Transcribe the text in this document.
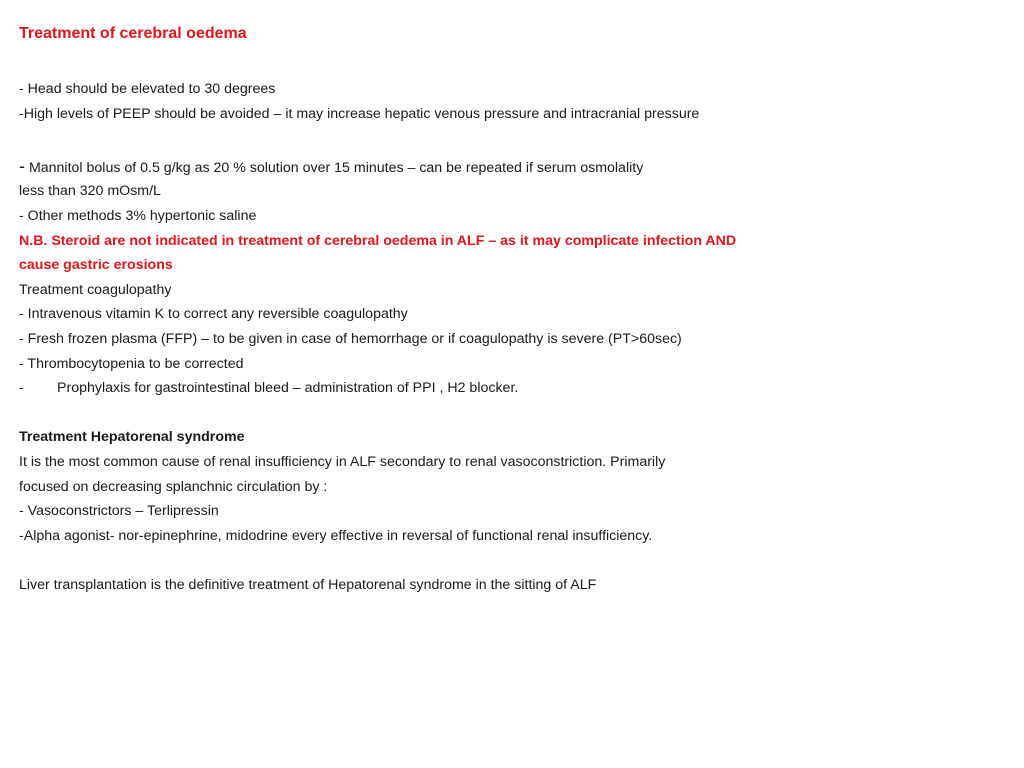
Treatment of cerebral oedema
- Head should be elevated to 30 degrees
-High levels of PEEP should be avoided – it may increase hepatic venous pressure and intracranial pressure
- Mannitol bolus of 0.5 g/kg as 20 % solution over 15 minutes – can be repeated if serum osmolality
less than 320 mOsm/L
- Other methods 3% hypertonic saline
N.B. Steroid are not indicated in treatment of cerebral oedema in ALF – as it may complicate infection AND
cause gastric erosions
Treatment coagulopathy
- Intravenous vitamin K to correct any reversible coagulopathy
- Fresh frozen plasma (FFP) – to be given in case of hemorrhage or if coagulopathy is severe (PT>60sec)
- Thrombocytopenia to be corrected
- Prophylaxis for gastrointestinal bleed – administration of PPI , H2 blocker.
Treatment Hepatorenal syndrome
It is the most common cause of renal insufficiency in ALF secondary to renal vasoconstriction. Primarily
focused on decreasing splanchnic circulation by :
- Vasoconstrictors – Terlipressin
-Alpha agonist- nor-epinephrine, midodrine every effective in reversal of functional renal insufficiency.
Liver transplantation is the definitive treatment of Hepatorenal syndrome in the sitting of ALF
